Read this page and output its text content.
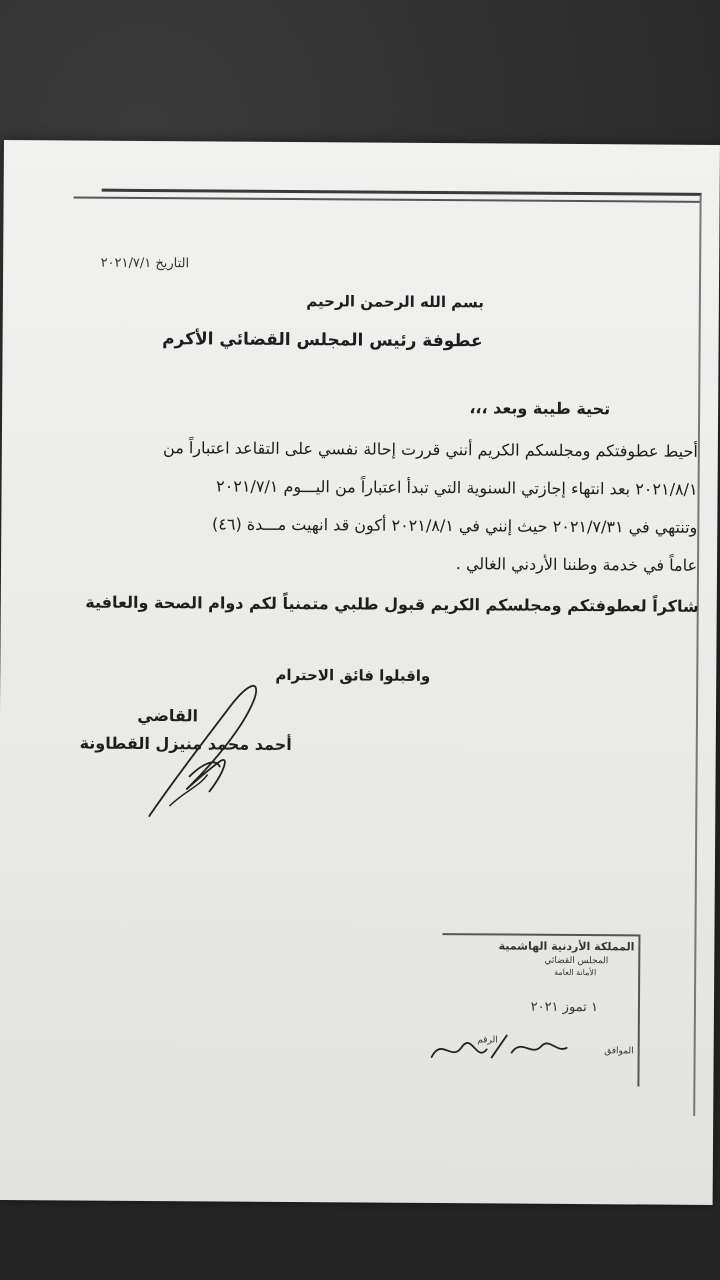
التاريخ ٢٠٢١/٧/١
بسم الله الرحمن الرحيم
عطوفة رئيس المجلس القضائي الأكرم
تحية طيبة وبعد ،،،

أحيط عطوفتكم ومجلسكم الكريم أنني قررت إحالة نفسي على التقاعد اعتباراً من

٢٠٢١/٨/١ بعد انتهاء إجازتي السنوية التي تبدأ اعتباراً من اليـــوم ٢٠٢١/٧/١

وتنتهي في ٢٠٢١/٧/٣١ حيث إنني في ٢٠٢١/٨/١ أكون قد انهيت مـــدة (٤٦)

عاماً في خدمة وطننا الأردني الغالي .

شاكراً لعطوفتكم ومجلسكم الكريم قبول طلبي متمنياً لكم دوام الصحة والعافية
واقبلوا فائق الاحترام
القاضي
أحمد محمد منيزل القطاونة
المملكة الأردنية الهاشمية
المجلس القضائي
الأمانة العامة
١ تموز ٢٠٢١
الرقم
الموافق
